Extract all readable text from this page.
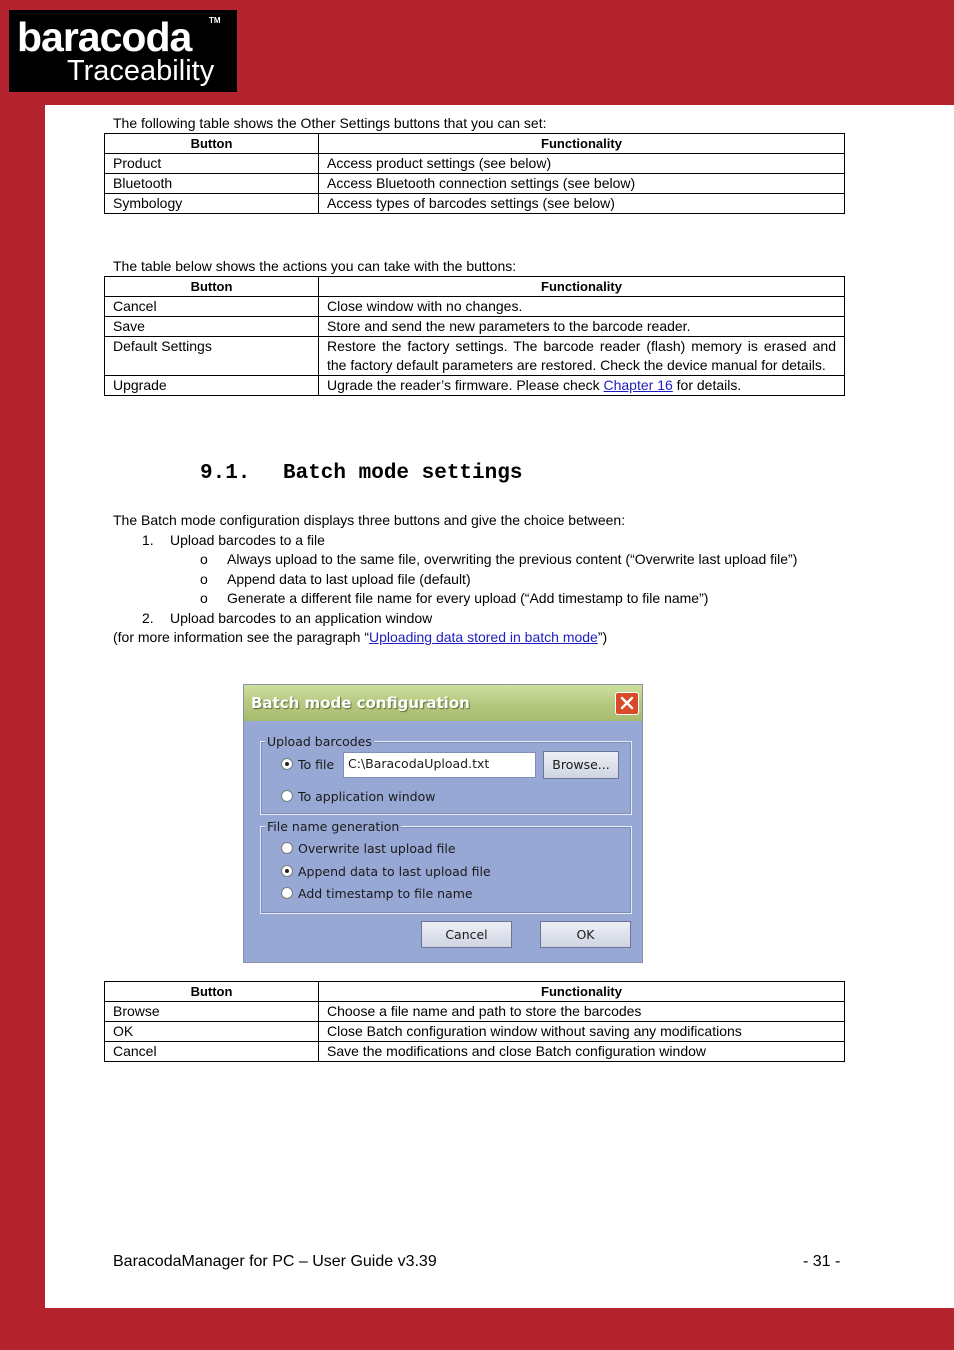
baracoda TM
Traceability
The following table shows the Other Settings buttons that you can set:
Button	Functionality
Product	Access product settings (see below)
Bluetooth	Access Bluetooth connection settings (see below)
Symbology	Access types of barcodes settings (see below)
The table below shows the actions you can take with the buttons:
Button	Functionality
Cancel	Close window with no changes.
Save	Store and send the new parameters to the barcode reader.
Default Settings	Restore the factory settings. The barcode reader (flash) memory is erased and the factory default parameters are restored. Check the device manual for details.
Upgrade	Ugrade the reader’s firmware. Please check Chapter 16 for details.
9.1. Batch mode settings
The Batch mode configuration displays three buttons and give the choice between:
1. Upload barcodes to a file
o Always upload to the same file, overwriting the previous content (“Overwrite last upload file”)
o Append data to last upload file (default)
o Generate a different file name for every upload (“Add timestamp to file name”)
2. Upload barcodes to an application window
(for more information see the paragraph “Uploading data stored in batch mode”)
Batch mode configuration
Upload barcodes
To file	C:\BaracodaUpload.txt	Browse...
To application window
File name generation
Overwrite last upload file
Append data to last upload file
Add timestamp to file name
Cancel	OK
Button	Functionality
Browse	Choose a file name and path to store the barcodes
OK	Close Batch configuration window without saving any modifications
Cancel	Save the modifications and close Batch configuration window
BaracodaManager for PC – User Guide v3.39	- 31 -
